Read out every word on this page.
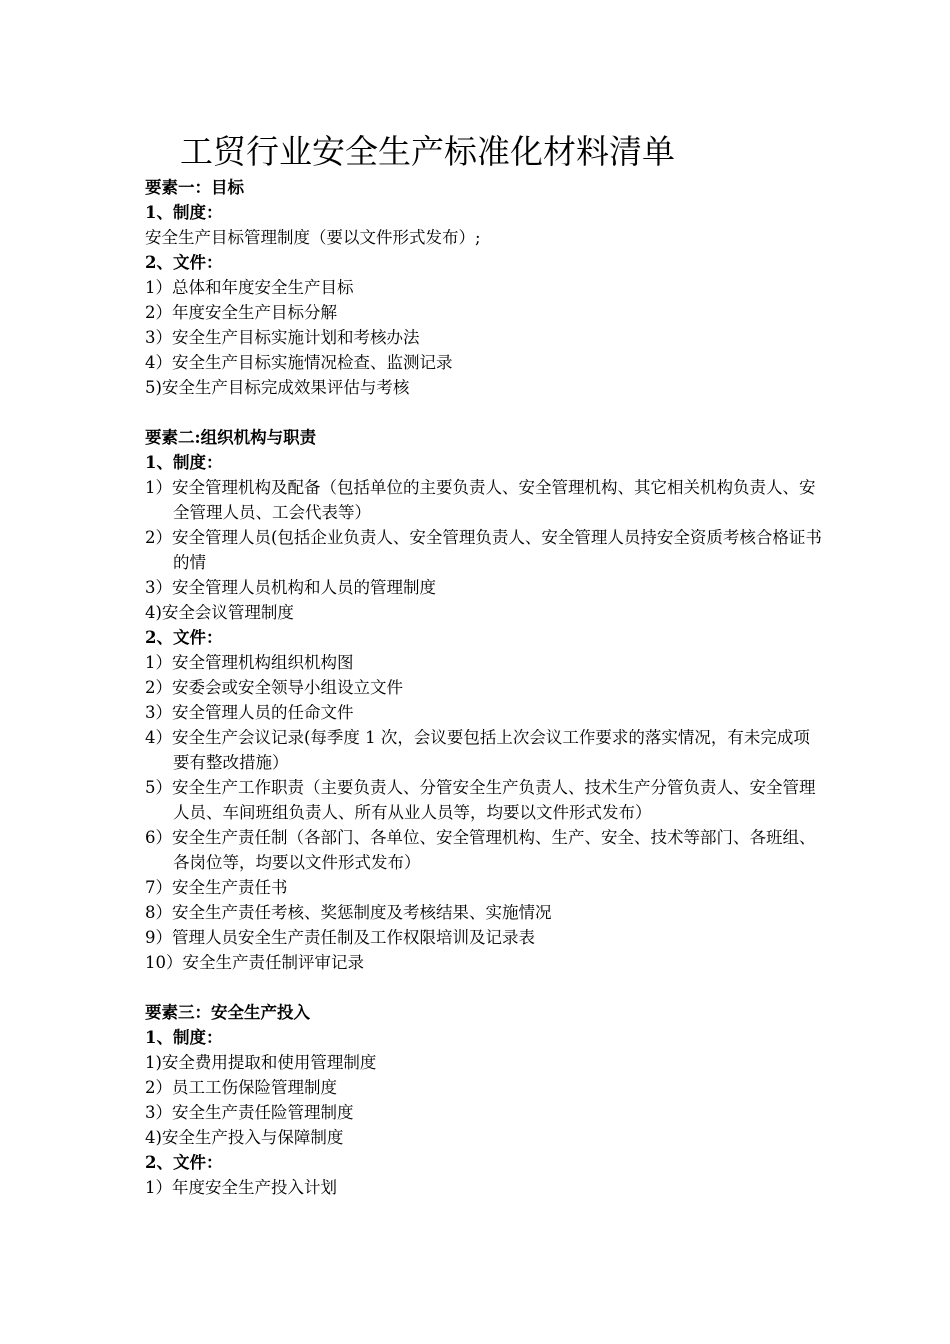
工贸行业安全生产标准化材料清单
要素一：目标
1、制度：
安全生产目标管理制度（要以文件形式发布）;
2、文件：
1）总体和年度安全生产目标
2）年度安全生产目标分解
3）安全生产目标实施计划和考核办法
4）安全生产目标实施情况检查、监测记录
5)安全生产目标完成效果评估与考核
要素二:组织机构与职责
1、制度：
1）安全管理机构及配备（包括单位的主要负责人、安全管理机构、其它相关机构负责人、安全管理人员、工会代表等）
2）安全管理人员(包括企业负责人、安全管理负责人、安全管理人员持安全资质考核合格证书的情
3）安全管理人员机构和人员的管理制度
4)安全会议管理制度
2、文件：
1）安全管理机构组织机构图
2）安委会或安全领导小组设立文件
3）安全管理人员的任命文件
4）安全生产会议记录(每季度 1 次，会议要包括上次会议工作要求的落实情况，有未完成项要有整改措施）
5）安全生产工作职责（主要负责人、分管安全生产负责人、技术生产分管负责人、安全管理人员、车间班组负责人、所有从业人员等，均要以文件形式发布）
6）安全生产责任制（各部门、各单位、安全管理机构、生产、安全、技术等部门、各班组、各岗位等，均要以文件形式发布）
7）安全生产责任书
8）安全生产责任考核、奖惩制度及考核结果、实施情况
9）管理人员安全生产责任制及工作权限培训及记录表
10）安全生产责任制评审记录
要素三：安全生产投入
1、制度：
1)安全费用提取和使用管理制度
2）员工工伤保险管理制度
3）安全生产责任险管理制度
4)安全生产投入与保障制度
2、文件：
1）年度安全生产投入计划
